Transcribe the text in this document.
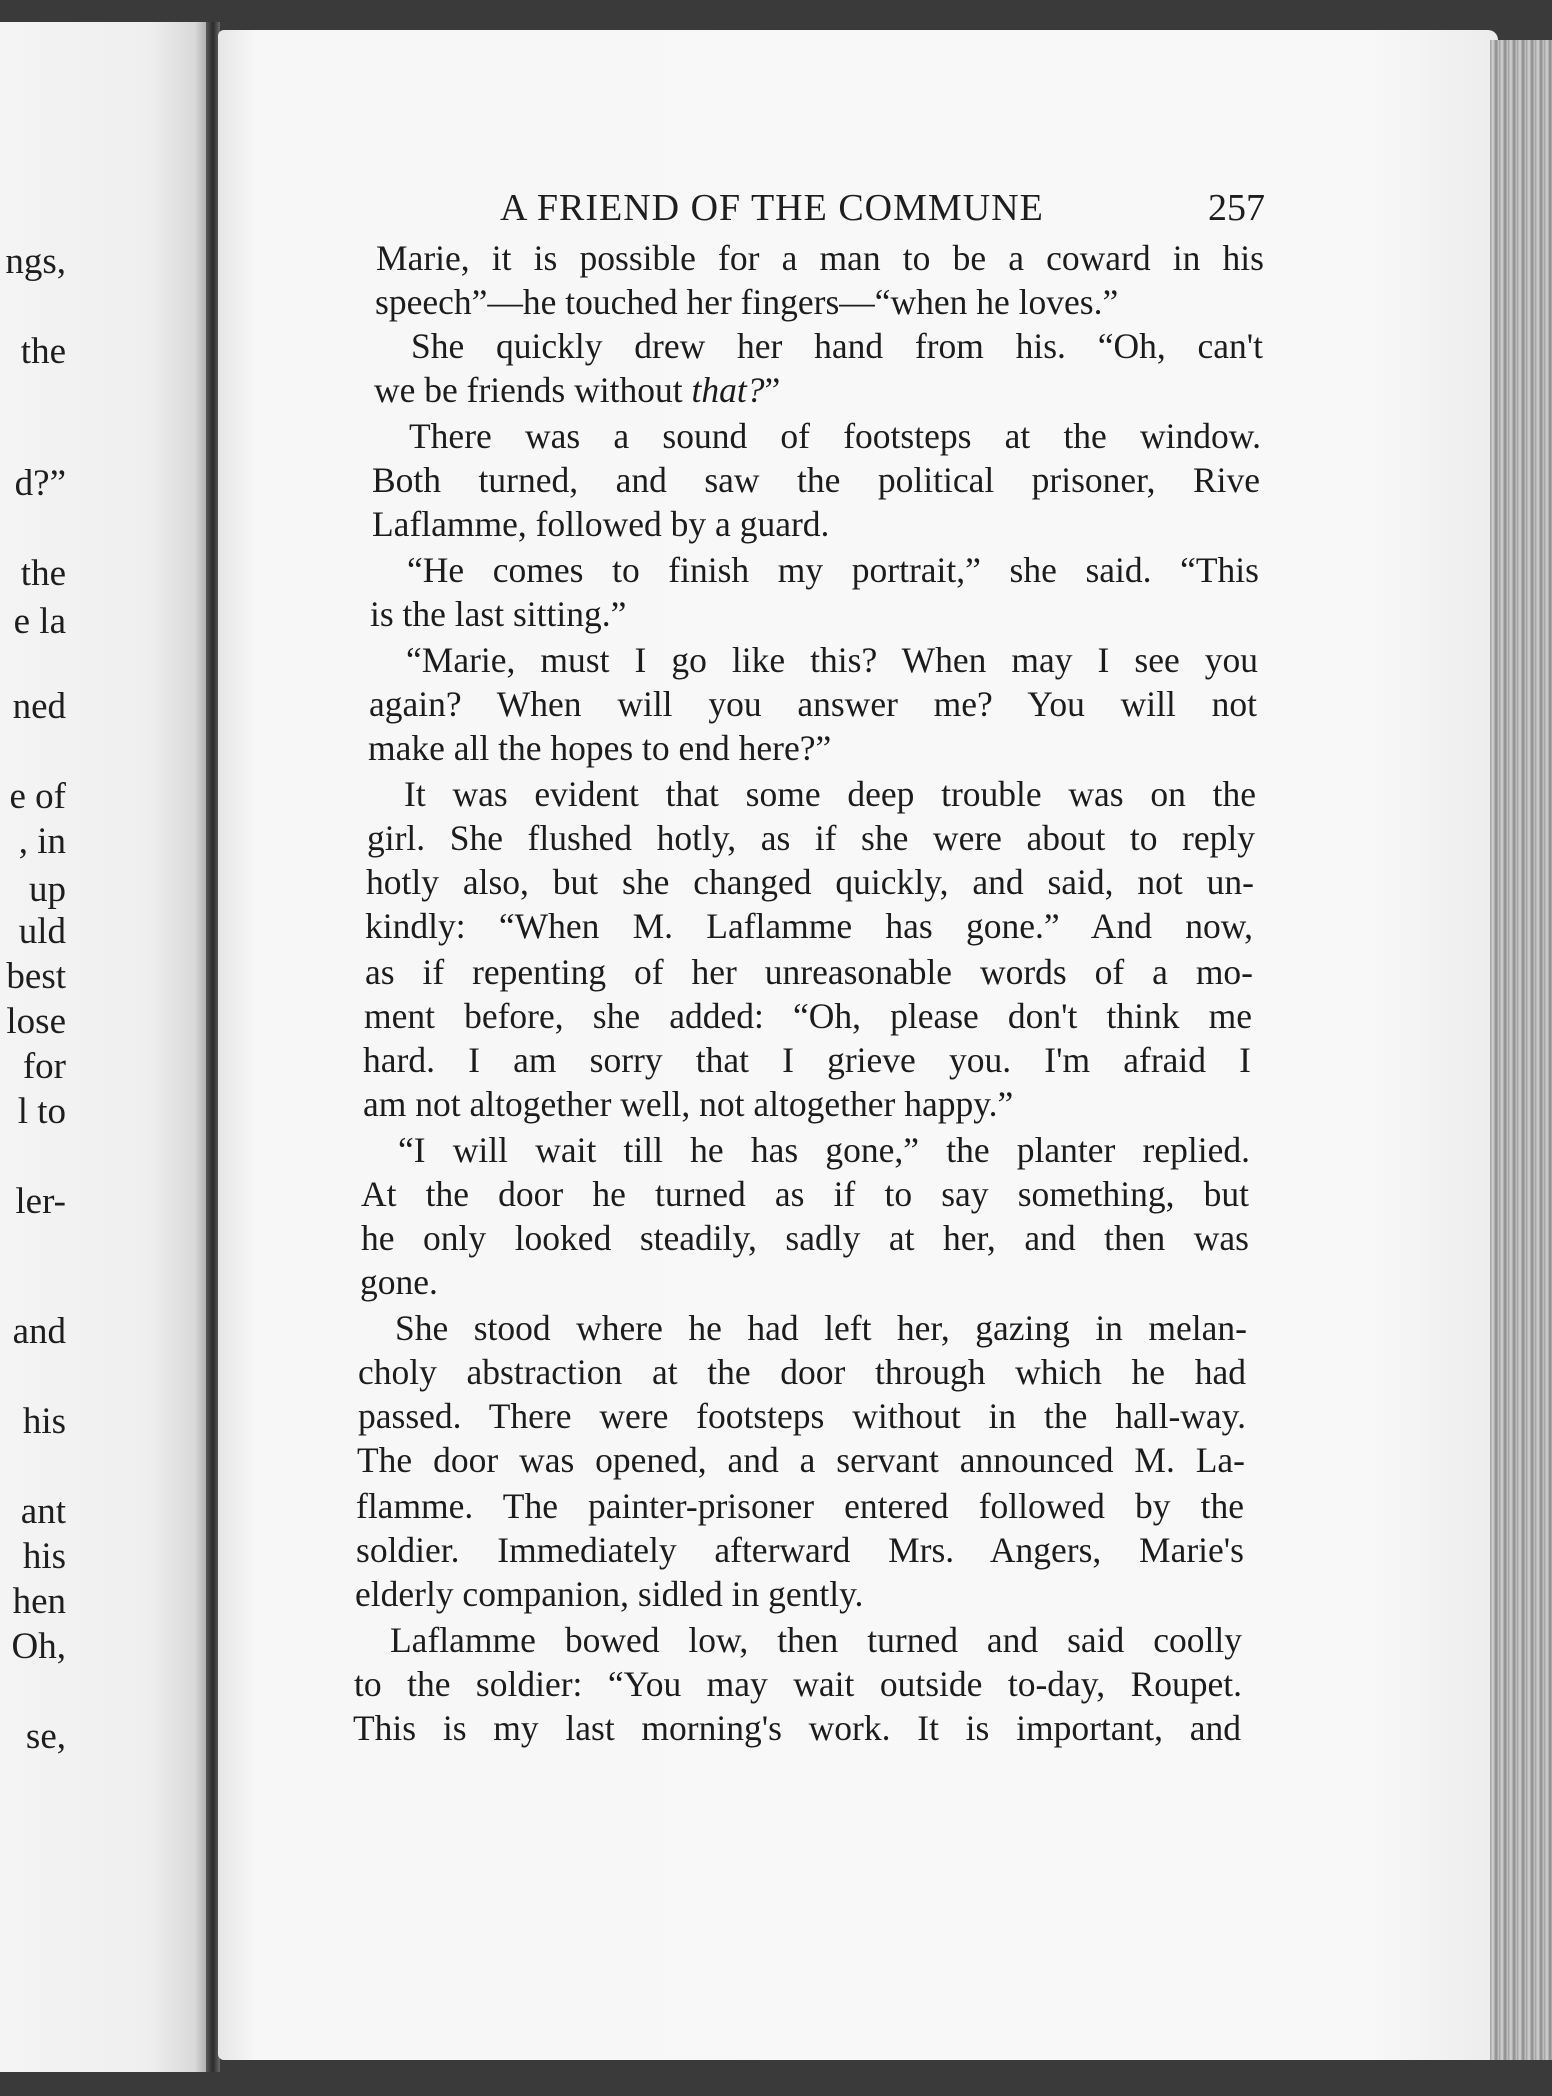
ngs,
the
d?”
the
e la
ned
e of
, in
up
uld
best
lose
for
l to
ler-
and
his
ant
his
hen
Oh,
se,
A FRIEND OF THE COMMUNE	257
Marie, it is possible for a man to be a coward in his
speech”—he touched her fingers—“when he loves.”
She quickly drew her hand from his. “Oh, can't
we be friends without that?”
There was a sound of footsteps at the window.
Both turned, and saw the political prisoner, Rive
Laflamme, followed by a guard.
“He comes to finish my portrait,” she said. “This
is the last sitting.”
“Marie, must I go like this? When may I see you
again? When will you answer me? You will not
make all the hopes to end here?”
It was evident that some deep trouble was on the
girl. She flushed hotly, as if she were about to reply
hotly also, but she changed quickly, and said, not un-
kindly: “When M. Laflamme has gone.” And now,
as if repenting of her unreasonable words of a mo-
ment before, she added: “Oh, please don't think me
hard. I am sorry that I grieve you. I'm afraid I
am not altogether well, not altogether happy.”
“I will wait till he has gone,” the planter replied.
At the door he turned as if to say something, but
he only looked steadily, sadly at her, and then was
gone.
She stood where he had left her, gazing in melan-
choly abstraction at the door through which he had
passed. There were footsteps without in the hall-way.
The door was opened, and a servant announced M. La-
flamme. The painter-prisoner entered followed by the
soldier. Immediately afterward Mrs. Angers, Marie's
elderly companion, sidled in gently.
Laflamme bowed low, then turned and said coolly
to the soldier: “You may wait outside to-day, Roupet.
This is my last morning's work. It is important, and
